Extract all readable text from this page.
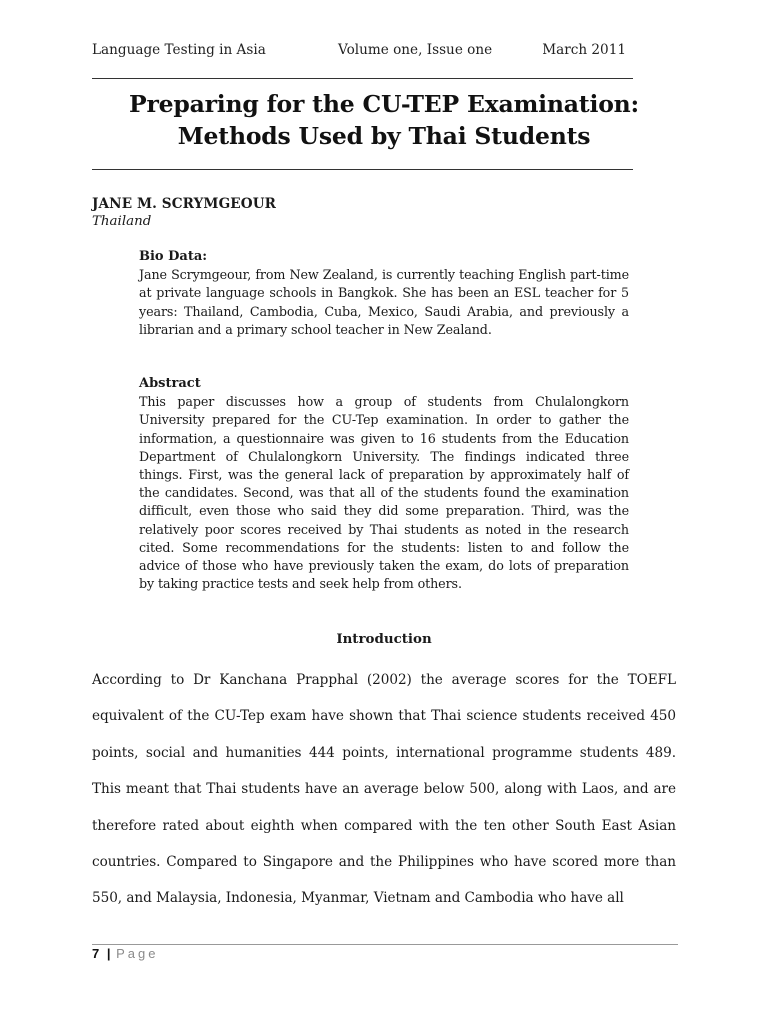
Language Testing in Asia	Volume one, Issue one	March 2011
Preparing for the CU-TEP Examination:
Methods Used by Thai Students
JANE M. SCRYMGEOUR
Thailand
Bio Data:
Jane Scrymgeour, from New Zealand, is currently teaching English part-time at private language schools in Bangkok. She has been an ESL teacher for 5 years: Thailand, Cambodia, Cuba, Mexico, Saudi Arabia, and previously a librarian and a primary school teacher in New Zealand.
Abstract
This paper discusses how a group of students from Chulalongkorn University prepared for the CU-Tep examination. In order to gather the information, a questionnaire was given to 16 students from the Education Department of Chulalongkorn University. The findings indicated three things. First, was the general lack of preparation by approximately half of the candidates. Second, was that all of the students found the examination difficult, even those who said they did some preparation. Third, was the relatively poor scores received by Thai students as noted in the research cited. Some recommendations for the students: listen to and follow the advice of those who have previously taken the exam, do lots of preparation by taking practice tests and seek help from others.
Introduction
According to Dr Kanchana Prapphal (2002) the average scores for the TOEFL equivalent of the CU-Tep exam have shown that Thai science students received 450 points, social and humanities 444 points, international programme students 489. This meant that Thai students have an average below 500, along with Laos, and are therefore rated about eighth when compared with the ten other South East Asian countries. Compared to Singapore and the Philippines who have scored more than 550, and Malaysia, Indonesia, Myanmar, Vietnam and Cambodia who have all
7 | Page
